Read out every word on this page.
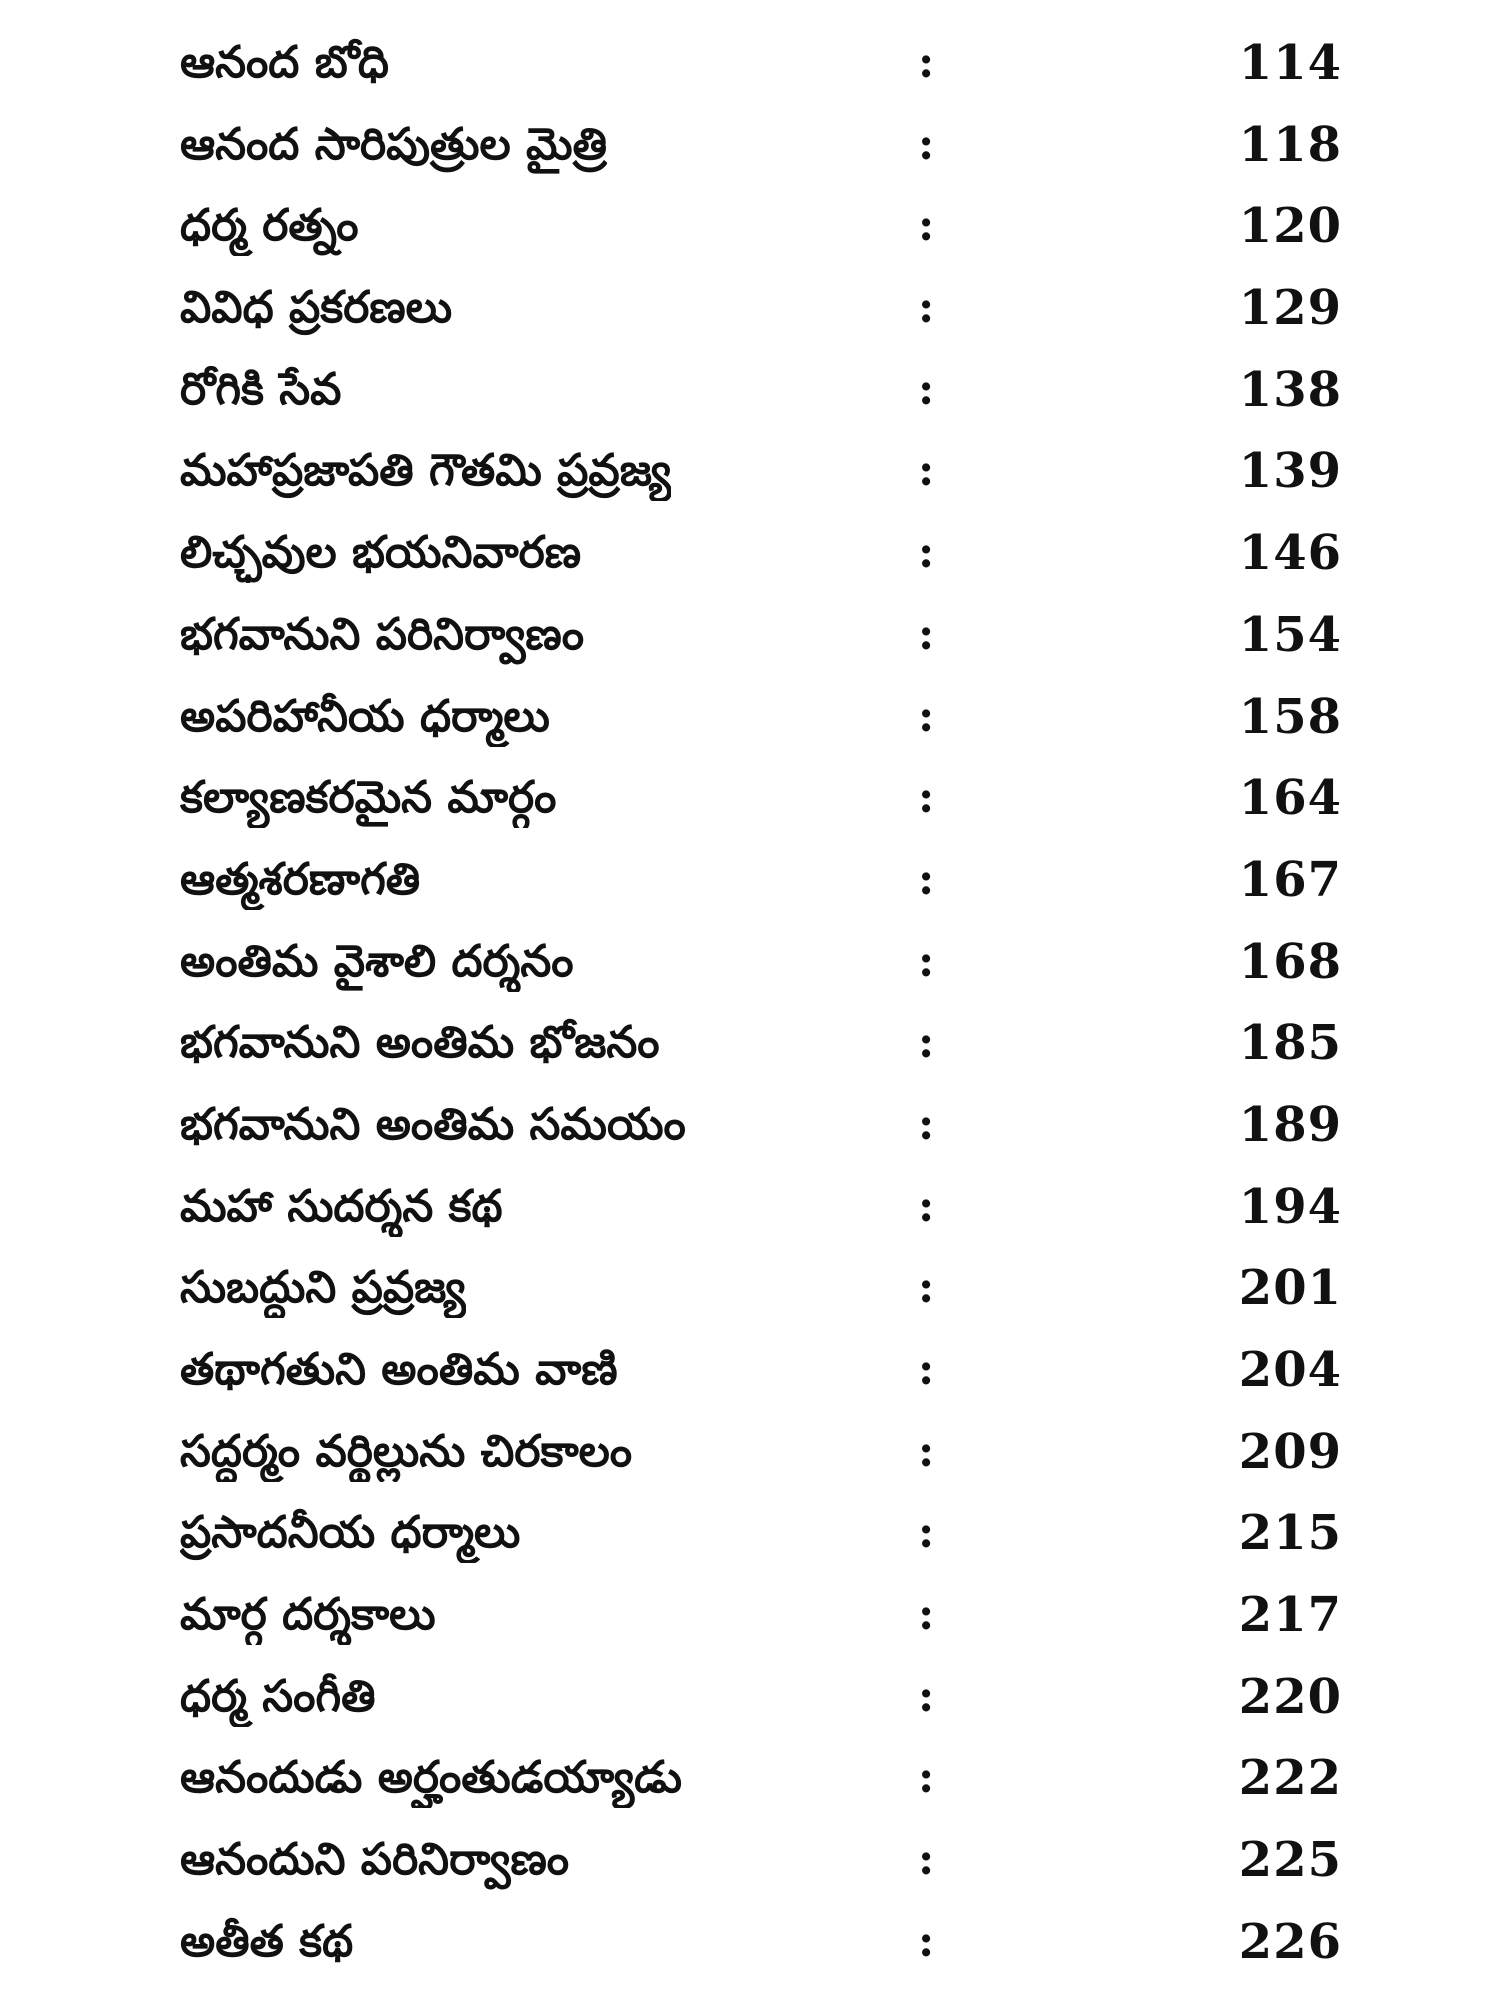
ఆనంద బోధి	:	114
ఆనంద సారిపుత్రుల మైత్రి	:	118
ధర్మ రత్నం	:	120
వివిధ ప్రకరణలు	:	129
రోగికి సేవ	:	138
మహాప్రజాపతి గౌతమి ప్రవ్రజ్య	:	139
లిచ్ఛవుల భయనివారణ	:	146
భగవానుని పరినిర్వాణం	:	154
అపరిహానీయ ధర్మాలు	:	158
కల్యాణకరమైన మార్గం	:	164
ఆత్మశరణాగతి	:	167
అంతిమ వైశాలి దర్శనం	:	168
భగవానుని అంతిమ భోజనం	:	185
భగవానుని అంతిమ సమయం	:	189
మహా సుదర్శన కథ	:	194
సుబద్దుని ప్రవ్రజ్య	:	201
తథాగతుని అంతిమ వాణి	:	204
సద్ధర్మం వర్థిల్లును చిరకాలం	:	209
ప్రసాదనీయ ధర్మాలు	:	215
మార్గ దర్శకాలు	:	217
ధర్మ సంగీతి	:	220
ఆనందుడు అర్హంతుడయ్యాడు	:	222
ఆనందుని పరినిర్వాణం	:	225
అతీత కథ	:	226
